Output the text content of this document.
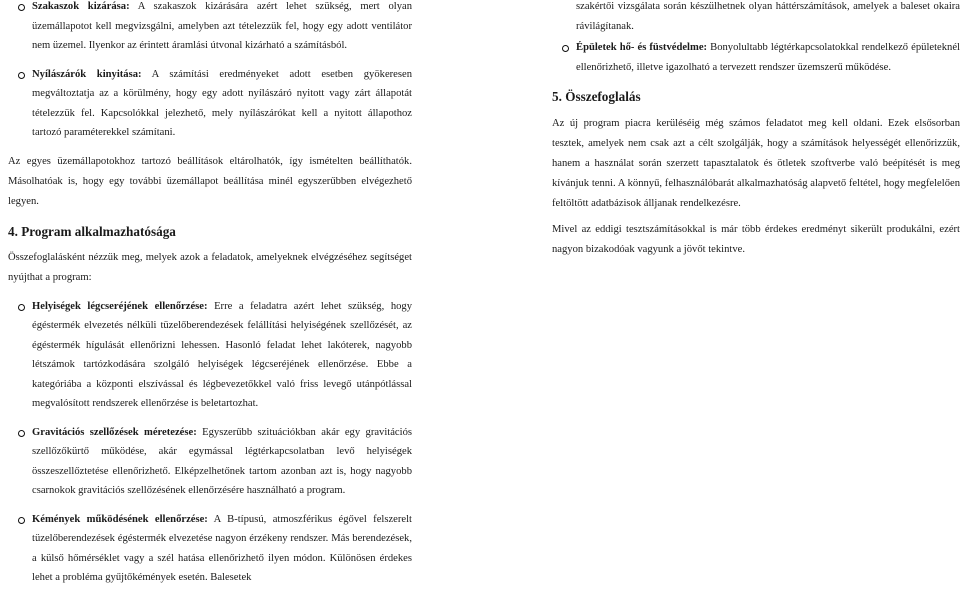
Szakaszok kizárása: A szakaszok kizárására azért lehet szükség, mert olyan üzemállapotot kell megvizsgálni, amelyben azt tételezzük fel, hogy egy adott ventilátor nem üzemel. Ilyenkor az érintett áramlási útvonal kizárható a számításból.
Nyílászárók kinyitása: A számítási eredményeket adott esetben gyökeresen megváltoztatja az a körülmény, hogy egy adott nyílászáró nyitott vagy zárt állapotát tételezzük fel. Kapcsolókkal jelezhető, mely nyílászárókat kell a nyitott állapothoz tartozó paraméterekkel számítani.

Az egyes üzemállapotokhoz tartozó beállítások eltárolhatók, így ismételten beállíthatók. Másolhatóak is, hogy egy további üzemállapot beállítása minél egyszerűbben elvégezhető legyen.

4. Program alkalmazhatósága

Összefoglalásként nézzük meg, melyek azok a feladatok, amelyeknek elvégzéséhez segítséget nyújthat a program:

Helyiségek légcseréjének ellenőrzése: Erre a feladatra azért lehet szükség, hogy égéstermék elvezetés nélküli tüzelőberendezések felállítási helyiségének szellőzését, az égéstermék hígulását ellenőrizni lehessen. Hasonló feladat lehet lakóterek, nagyobb létszámok tartózkodására szolgáló helyiségek légcseréjének ellenőrzése. Ebbe a kategóriába a központi elszívással és légbevezetőkkel való friss levegő utánpótlással megvalósított rendszerek ellenőrzése is beletartozhat.
Gravitációs szellőzések méretezése: Egyszerűbb szituációkban akár egy gravitációs szellőzőkürtő működése, akár egymással légtérkapcsolatban levő helyiségek összeszellőztetése ellenőrizhető. Elképzelhetőnek tartom azonban azt is, hogy nagyobb csarnokok gravitációs szellőzésének ellenőrzésére használható a program.
Kémények működésének ellenőrzése: A B-típusú, atmoszférikus égővel felszerelt tüzelőberendezések égéstermék elvezetése nagyon érzékeny rendszer. Más berendezések, a külső hőmérséklet vagy a szél hatása ellenőrizhető ilyen módon. Különösen érdekes lehet a probléma gyűjtőkémények esetén. Balesetek
szakértői vizsgálata során készülhetnek olyan háttérszámítások, amelyek a baleset okaira rávilágítanak.
Épületek hő- és füstvédelme: Bonyolultabb légtérkapcsolatokkal rendelkező épületeknél ellenőrizhető, illetve igazolható a tervezett rendszer üzemszerű működése.
5. Összefoglalás

Az új program piacra kerüléséig még számos feladatot meg kell oldani. Ezek elsősorban tesztek, amelyek nem csak azt a célt szolgálják, hogy a számítások helyességét ellenőrizzük, hanem a használat során szerzett tapasztalatok és ötletek szoftverbe való beépítését is meg kívánjuk tenni. A könnyű, felhasználóbarát alkalmazhatóság alapvető feltétel, hogy megfelelően feltöltött adatbázisok álljanak rendelkezésre.

Mivel az eddigi tesztszámításokkal is már több érdekes eredményt sikerült produkálni, ezért nagyon bizakodóak vagyunk a jövőt tekintve.
